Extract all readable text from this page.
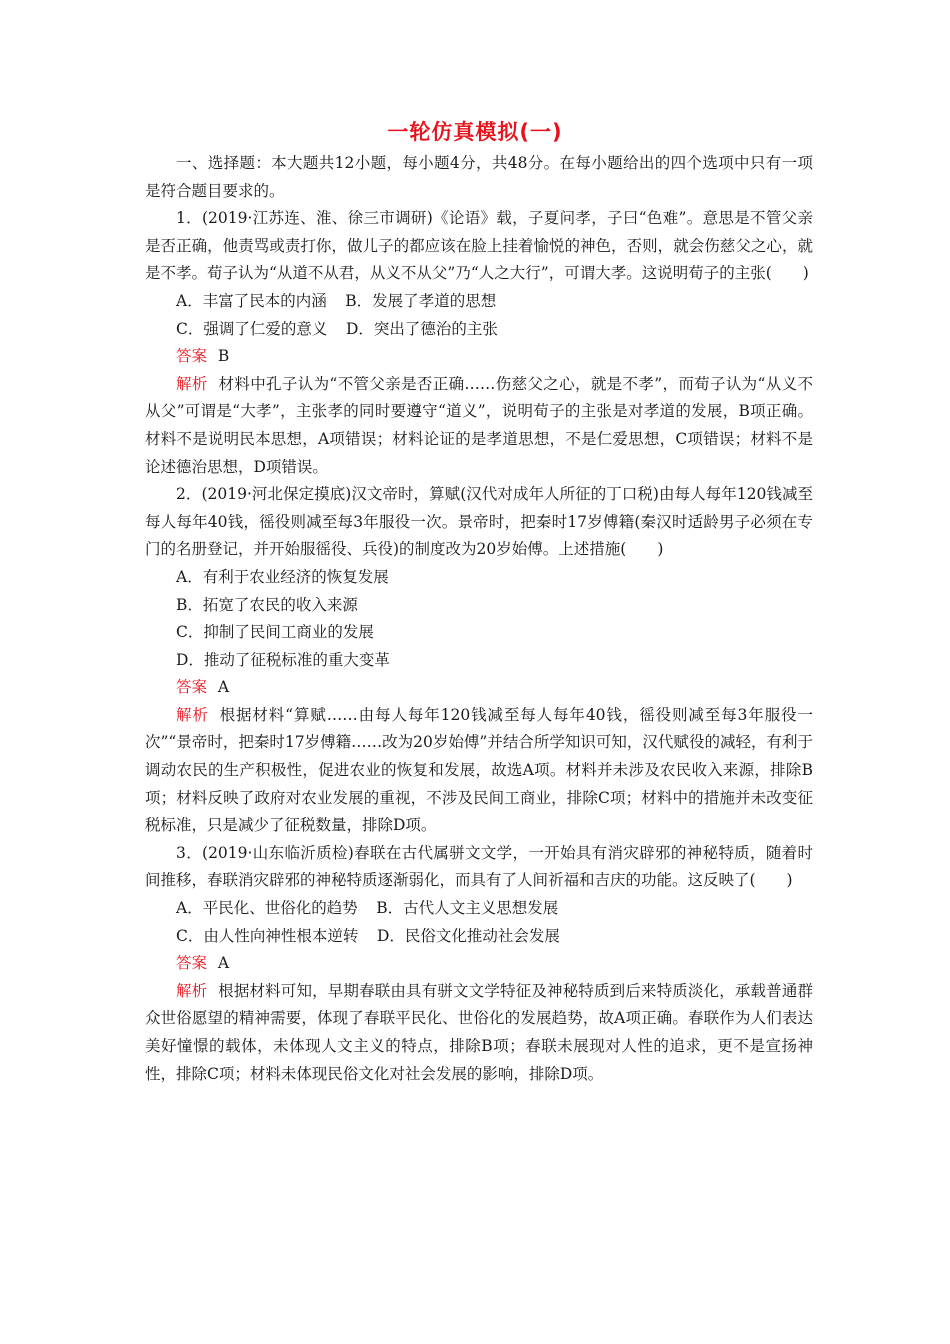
一轮仿真模拟(一)

一、选择题：本大题共12小题，每小题4分，共48分。在每小题给出的四个选项中只有一项是符合题目要求的。

1．(2019·江苏连、淮、徐三市调研)《论语》载，子夏问孝，子曰“色难”。意思是不管父亲是否正确，他责骂或责打你，做儿子的都应该在脸上挂着愉悦的神色，否则，就会伤慈父之心，就是不孝。荀子认为“从道不从君，从义不从父”乃“人之大行”，可谓大孝。这说明荀子的主张(　　)

A．丰富了民本的内涵 B．发展了孝道的思想

C．强调了仁爱的意义 D．突出了德治的主张

答案 B

解析 材料中孔子认为“不管父亲是否正确……伤慈父之心，就是不孝”，而荀子认为“从义不从父”可谓是“大孝”，主张孝的同时要遵守“道义”，说明荀子的主张是对孝道的发展，B项正确。材料不是说明民本思想，A项错误；材料论证的是孝道思想，不是仁爱思想，C项错误；材料不是论述德治思想，D项错误。

2．(2019·河北保定摸底)汉文帝时，算赋(汉代对成年人所征的丁口税)由每人每年120钱减至每人每年40钱，徭役则减至每3年服役一次。景帝时，把秦时17岁傅籍(秦汉时适龄男子必须在专门的名册登记，并开始服徭役、兵役)的制度改为20岁始傅。上述措施(　　)

A．有利于农业经济的恢复发展

B．拓宽了农民的收入来源

C．抑制了民间工商业的发展

D．推动了征税标准的重大变革

答案 A

解析 根据材料“算赋……由每人每年120钱减至每人每年40钱，徭役则减至每3年服役一次”“景帝时，把秦时17岁傅籍……改为20岁始傅”并结合所学知识可知，汉代赋役的减轻，有利于调动农民的生产积极性，促进农业的恢复和发展，故选A项。材料并未涉及农民收入来源，排除B项；材料反映了政府对农业发展的重视，不涉及民间工商业，排除C项；材料中的措施并未改变征税标准，只是减少了征税数量，排除D项。

3．(2019·山东临沂质检)春联在古代属骈文文学，一开始具有消灾辟邪的神秘特质，随着时间推移，春联消灾辟邪的神秘特质逐渐弱化，而具有了人间祈福和吉庆的功能。这反映了(　　)

A．平民化、世俗化的趋势 B．古代人文主义思想发展

C．由人性向神性根本逆转 D．民俗文化推动社会发展

答案 A

解析 根据材料可知，早期春联由具有骈文文学特征及神秘特质到后来特质淡化，承载普通群众世俗愿望的精神需要，体现了春联平民化、世俗化的发展趋势，故A项正确。春联作为人们表达美好憧憬的载体，未体现人文主义的特点，排除B项；春联未展现对人性的追求，更不是宣扬神性，排除C项；材料未体现民俗文化对社会发展的影响，排除D项。
